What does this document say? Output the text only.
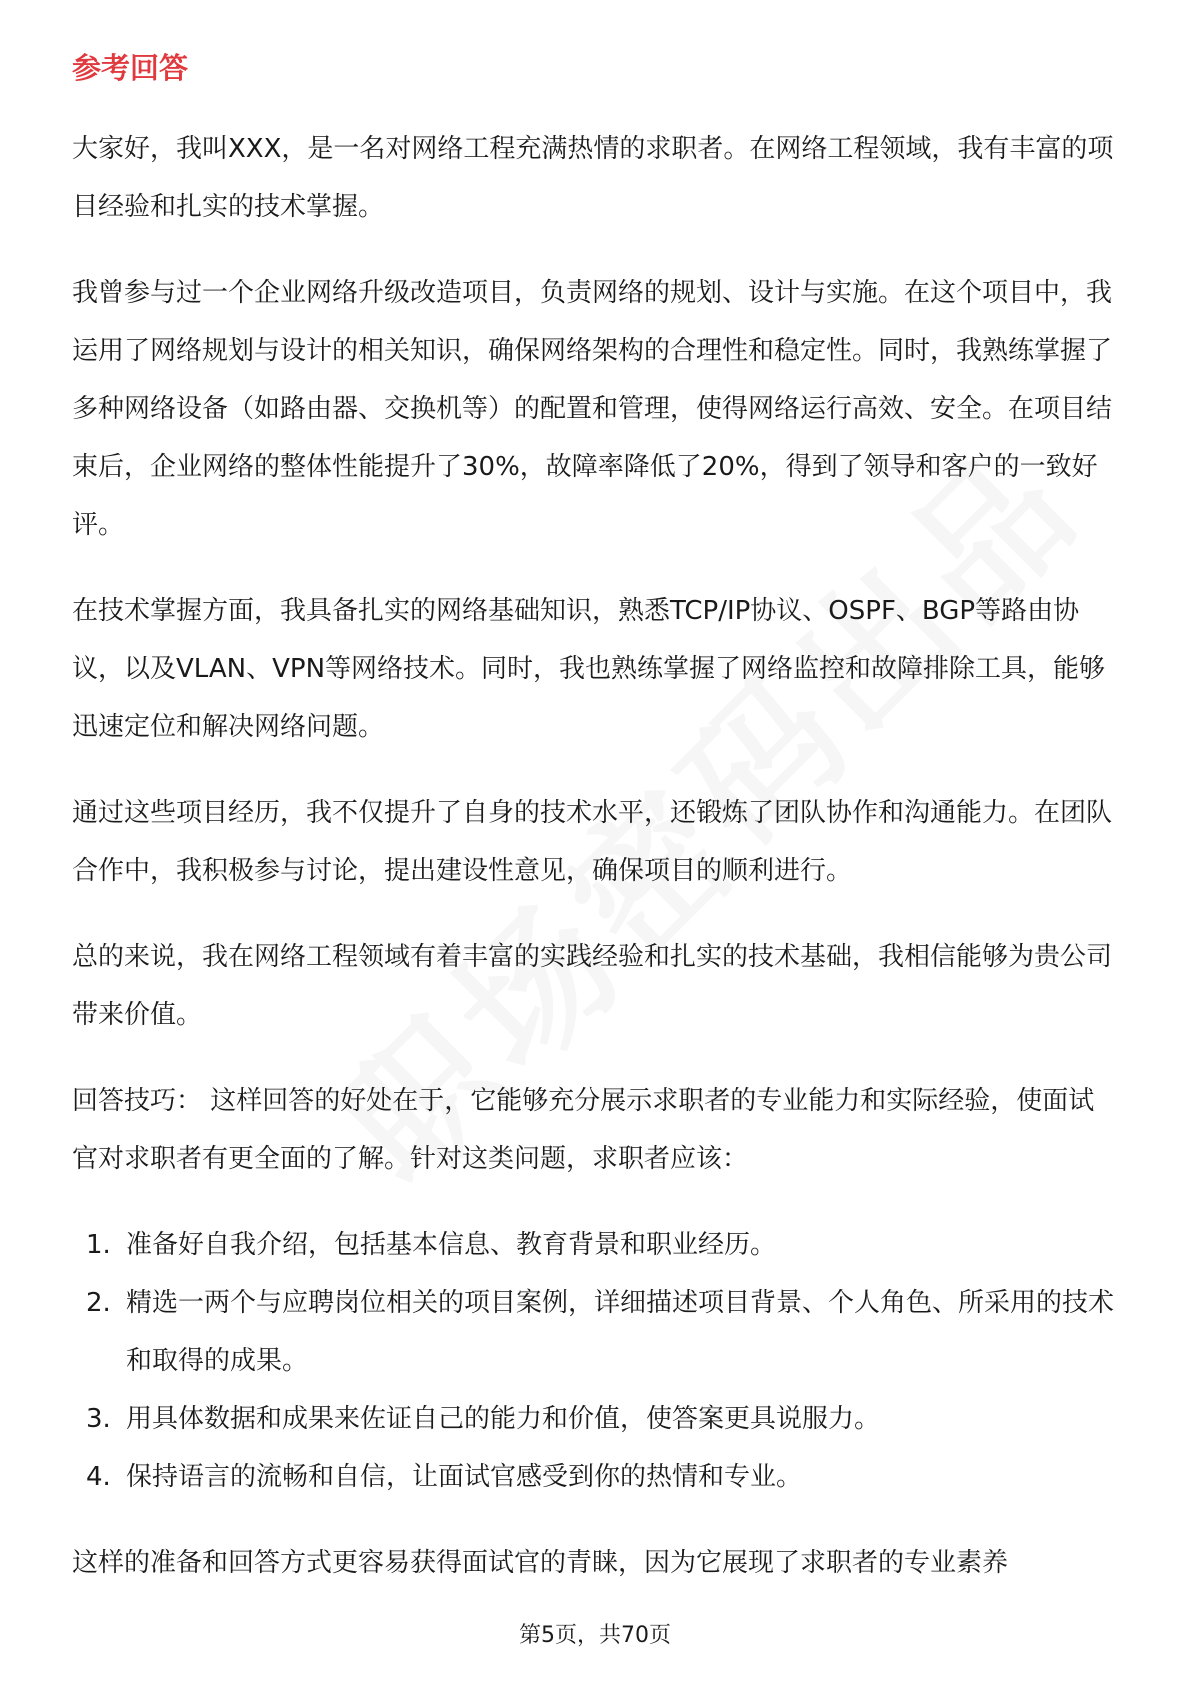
参考回答

大家好，我叫XXX，是一名对网络工程充满热情的求职者。在网络工程领域，我有丰富的项目经验和扎实的技术掌握。

我曾参与过一个企业网络升级改造项目，负责网络的规划、设计与实施。在这个项目中，我运用了网络规划与设计的相关知识，确保网络架构的合理性和稳定性。同时，我熟练掌握了多种网络设备（如路由器、交换机等）的配置和管理，使得网络运行高效、安全。在项目结束后，企业网络的整体性能提升了30%，故障率降低了20%，得到了领导和客户的一致好评。

在技术掌握方面，我具备扎实的网络基础知识，熟悉TCP/IP协议、OSPF、BGP等路由协议，以及VLAN、VPN等网络技术。同时，我也熟练掌握了网络监控和故障排除工具，能够迅速定位和解决网络问题。

通过这些项目经历，我不仅提升了自身的技术水平，还锻炼了团队协作和沟通能力。在团队合作中，我积极参与讨论，提出建设性意见，确保项目的顺利进行。

总的来说，我在网络工程领域有着丰富的实践经验和扎实的技术基础，我相信能够为贵公司带来价值。

回答技巧： 这样回答的好处在于，它能够充分展示求职者的专业能力和实际经验，使面试官对求职者有更全面的了解。针对这类问题，求职者应该：

1. 准备好自我介绍，包括基本信息、教育背景和职业经历。
2. 精选一两个与应聘岗位相关的项目案例，详细描述项目背景、个人角色、所采用的技术和取得的成果。
3. 用具体数据和成果来佐证自己的能力和价值，使答案更具说服力。
4. 保持语言的流畅和自信，让面试官感受到你的热情和专业。

这样的准备和回答方式更容易获得面试官的青睐，因为它展现了求职者的专业素养

第5页，共70页
